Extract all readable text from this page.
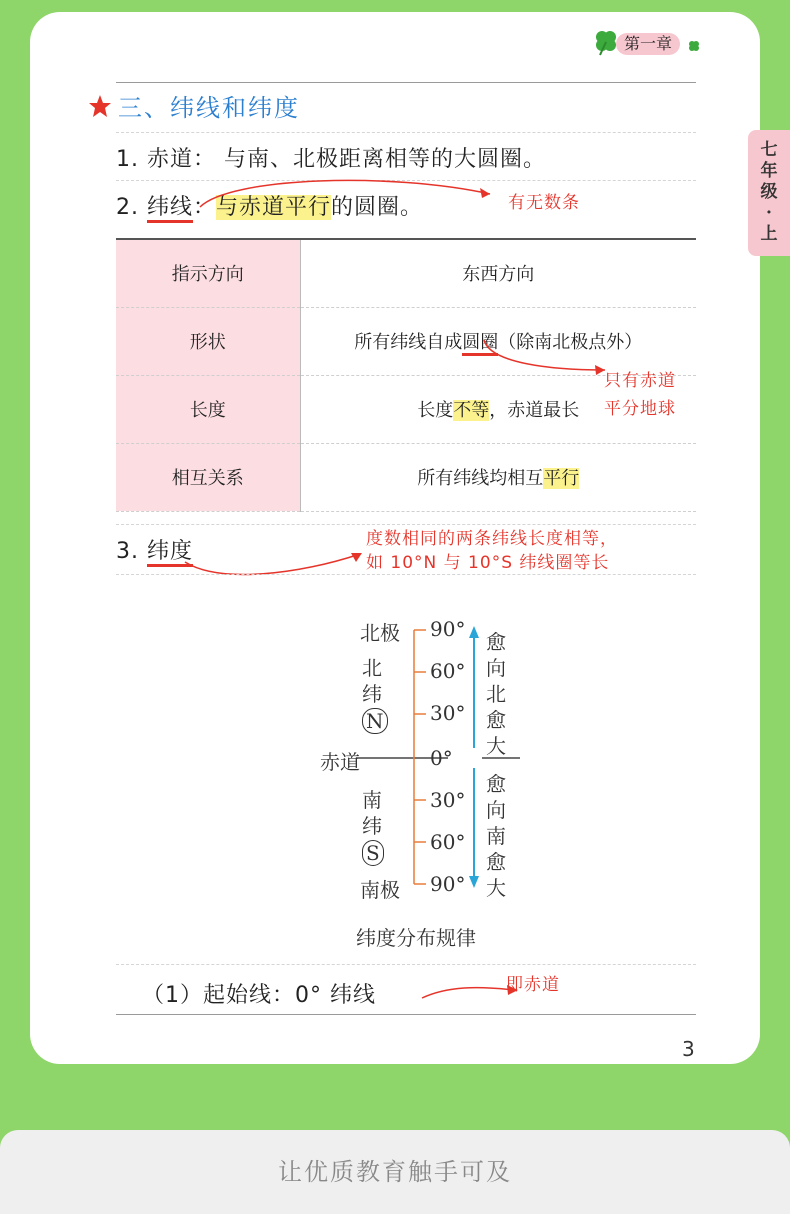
第一章
七
年
级
·
上
三、纬线和纬度
1. 赤道： 与南、北极距离相等的大圆圈。
2. 纬线：与赤道平行的圆圈。	有无数条
指示方向	东西方向
形状	所有纬线自成圆圈（除南北极点外）
长度	长度不等，赤道最长
相互关系	所有纬线均相互平行
只有赤道
平分地球
3. 纬度	度数相同的两条纬线长度相等，
如 10°N 与 10°S 纬线圈等长
北极
北
纬
N
赤道
南
纬
S
南极
90°
60°
30°
0°
30°
60°
90°
愈
向
北
愈
大
愈
向
南
愈
大
纬度分布规律
（1）起始线：0° 纬线	即赤道
3
让优质教育触手可及
